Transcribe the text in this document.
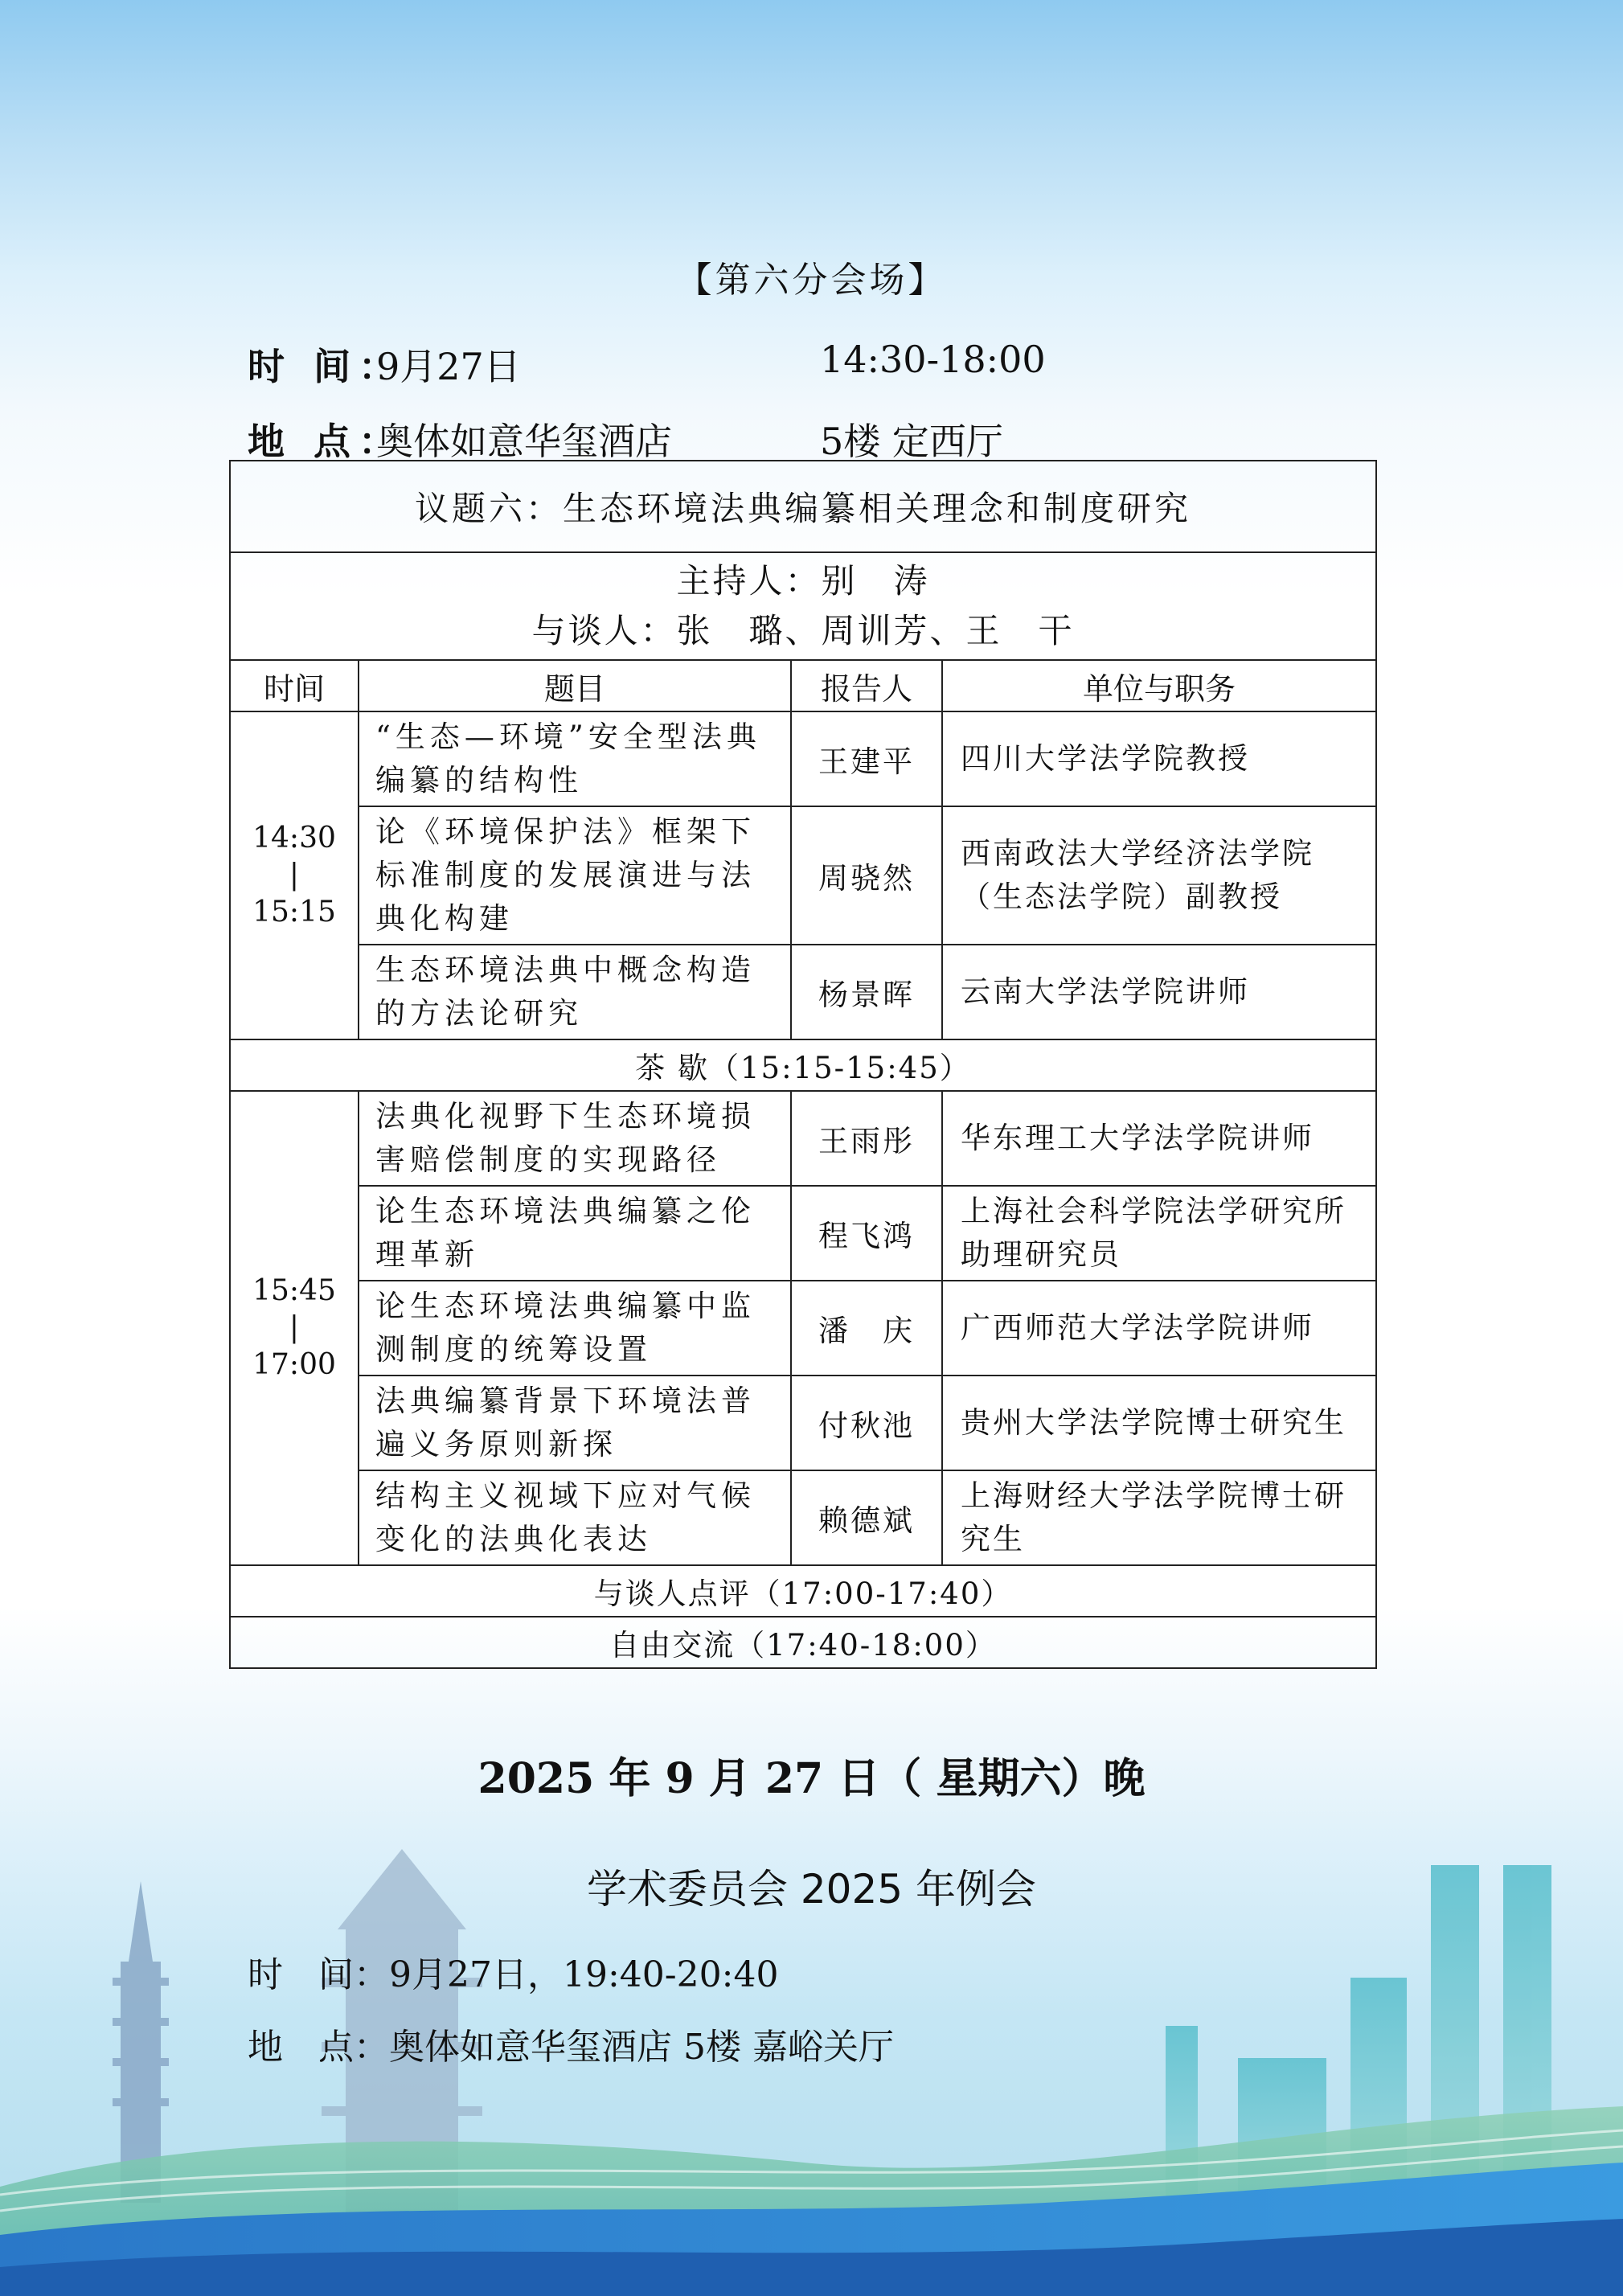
【第六分会场】
时 间：
9月27日	14:30-18:00
地 点：
奥体如意华玺酒店	5楼 定西厅
议题六：生态环境法典编纂相关理念和制度研究			

主持人：别　涛
与谈人：张　璐、周训芳、王　干			

时间	题目	报告人	单位与职务

14:30
|
15:15	“生态—环境”安全型法典编纂的结构性	王建平	四川大学法学院教授
	论《环境保护法》框架下标准制度的发展演进与法典化构建	周骁然	西南政法大学经济法学院（生态法学院）副教授
	生态环境法典中概念构造的方法论研究	杨景晖	云南大学法学院讲师
茶 歇（15:15-15:45）			

15:45
|
17:00	法典化视野下生态环境损害赔偿制度的实现路径	王雨彤	华东理工大学法学院讲师
	论生态环境法典编纂之伦理革新	程飞鸿	上海社会科学院法学研究所助理研究员
	论生态环境法典编纂中监测制度的统筹设置	潘　庆	广西师范大学法学院讲师
	法典编纂背景下环境法普遍义务原则新探	付秋池	贵州大学法学院博士研究生
	结构主义视域下应对气候变化的法典化表达	赖德斌	上海财经大学法学院博士研究生
与谈人点评（17:00-17:40）			
自由交流（17:40-18:00）			
2025 年 9 月 27 日（ 星期六）晚
学术委员会 2025 年例会
时　间：9月27日，19:40-20:40
地　点：奥体如意华玺酒店 5楼 嘉峪关厅
